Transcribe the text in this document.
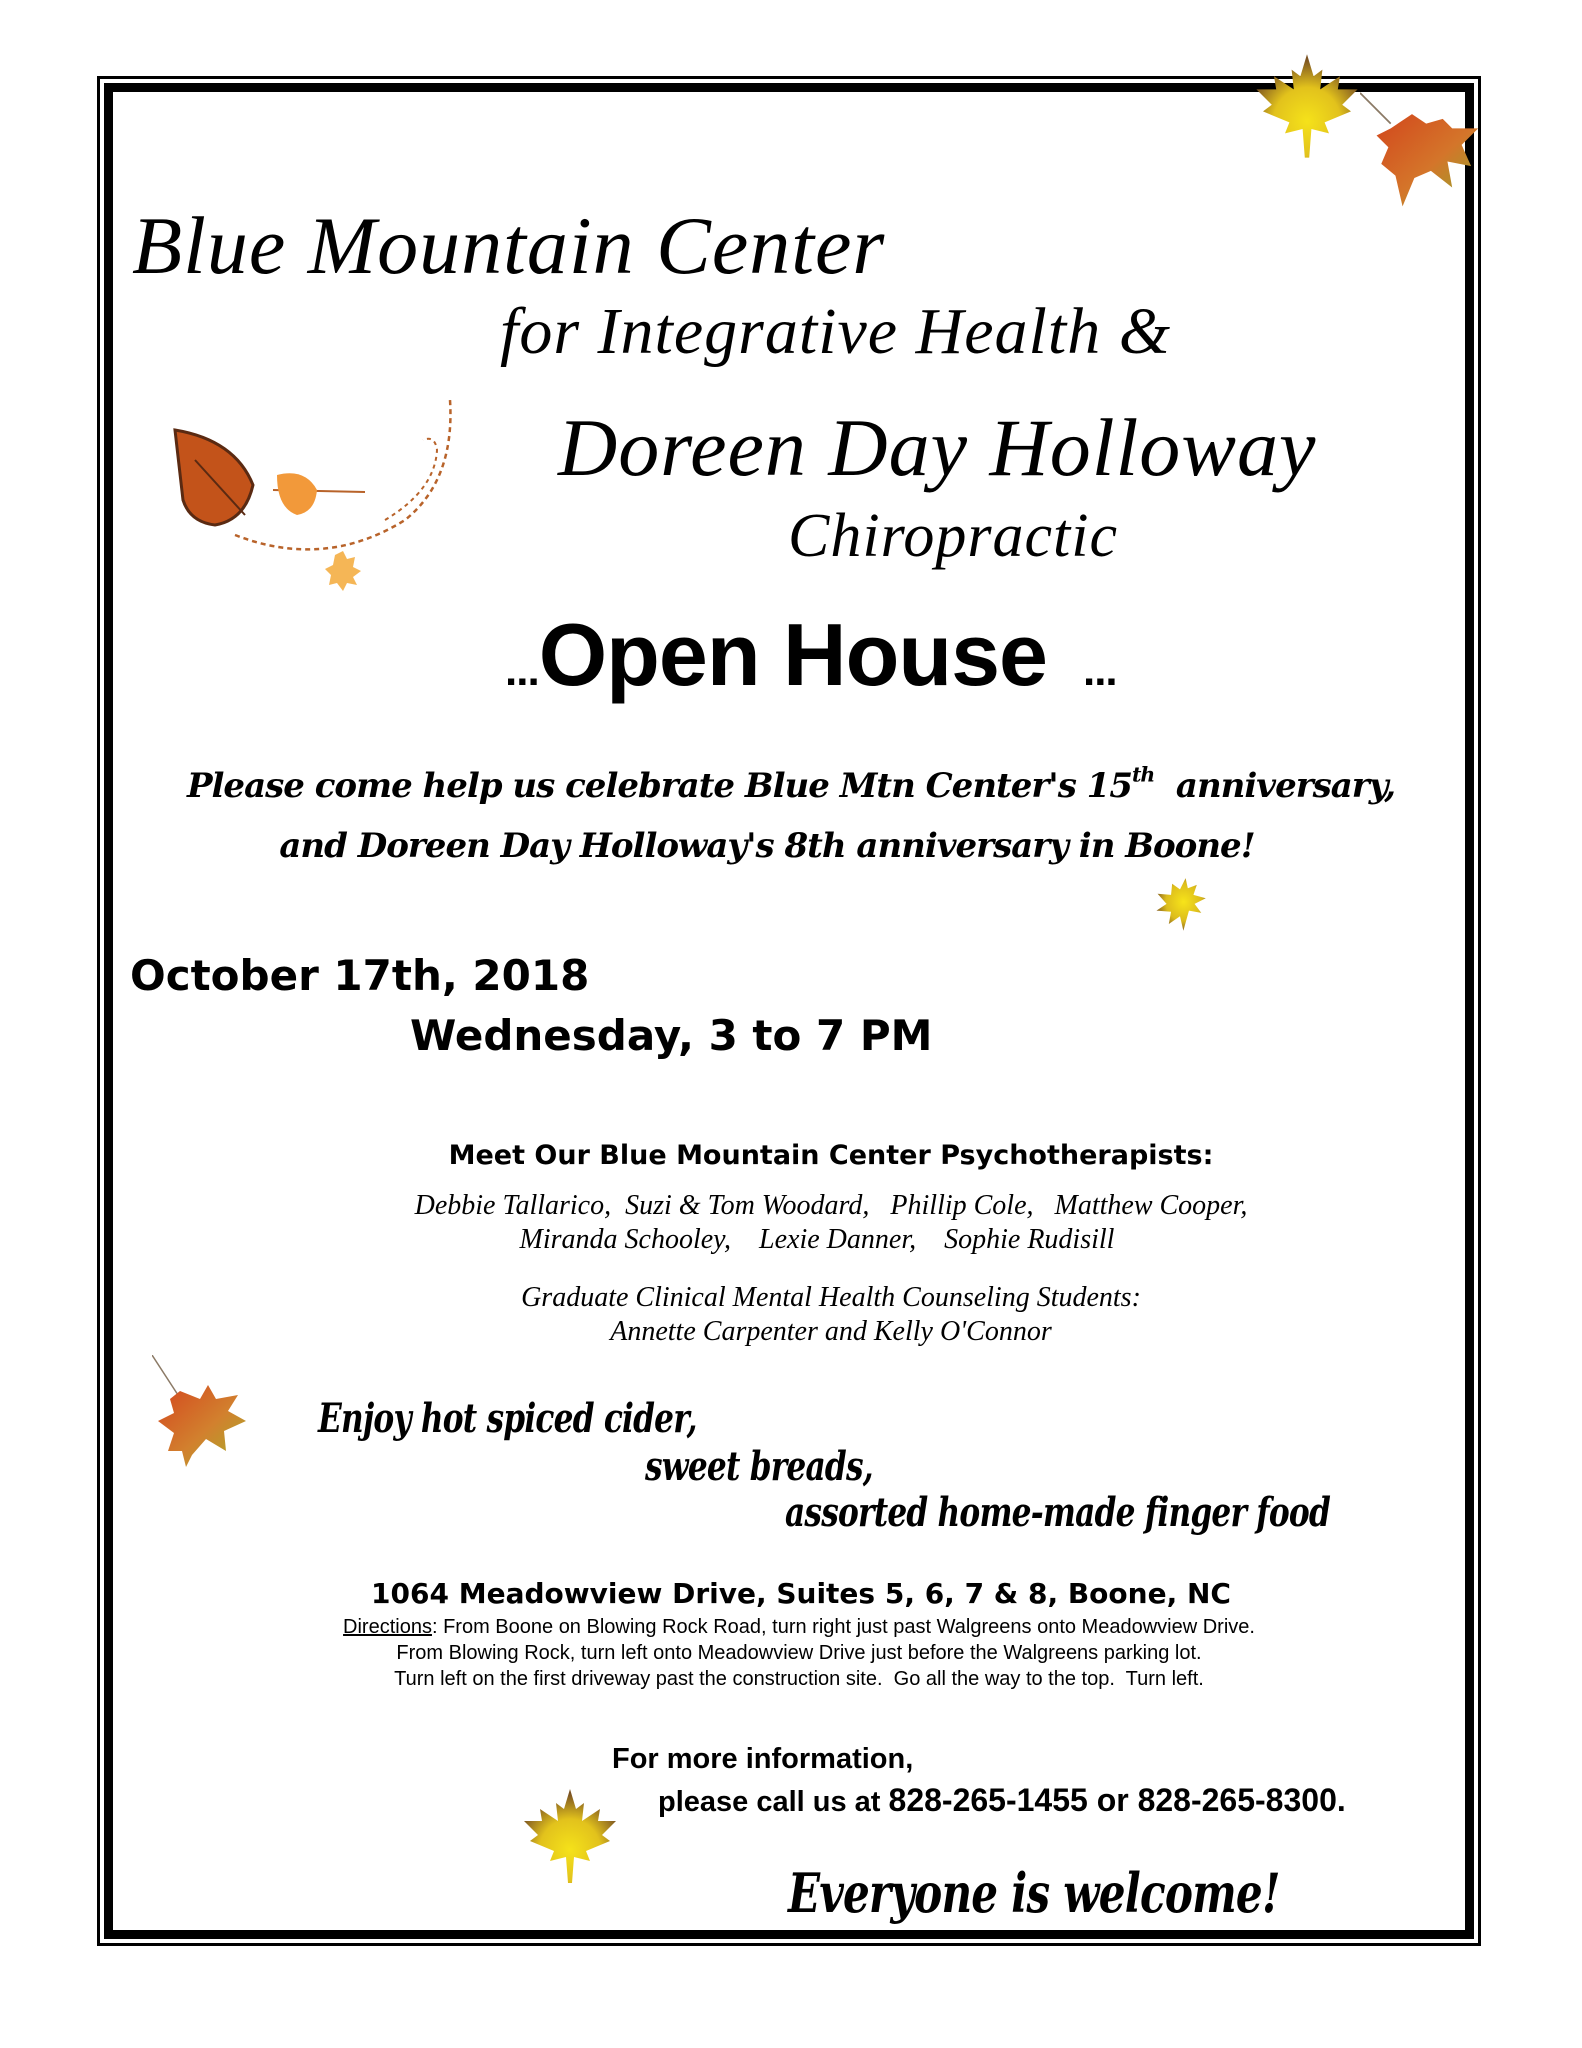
Blue Mountain Center
for Integrative Health &
Doreen Day Holloway
Chiropractic
...Open House ...
Please come help us celebrate Blue Mtn Center's 15th anniversary,
and Doreen Day Holloway's 8th anniversary in Boone!
October 17th, 2018
Wednesday, 3 to 7 PM
Meet Our Blue Mountain Center Psychotherapists:
Debbie Tallarico,  Suzi & Tom Woodard,   Phillip Cole,   Matthew Cooper,
Miranda Schooley,    Lexie Danner,    Sophie Rudisill
Graduate Clinical Mental Health Counseling Students:
Annette Carpenter and Kelly O'Connor
Enjoy hot spiced cider,
sweet breads,
assorted home-made finger food
1064 Meadowview Drive, Suites 5, 6, 7 & 8, Boone, NC
Directions: From Boone on Blowing Rock Road, turn right just past Walgreens onto Meadowview Drive.
From Blowing Rock, turn left onto Meadowview Drive just before the Walgreens parking lot.
Turn left on the first driveway past the construction site.  Go all the way to the top.  Turn left.
For more information,
please call us at 828-265-1455 or 828-265-8300.
Everyone is welcome!
